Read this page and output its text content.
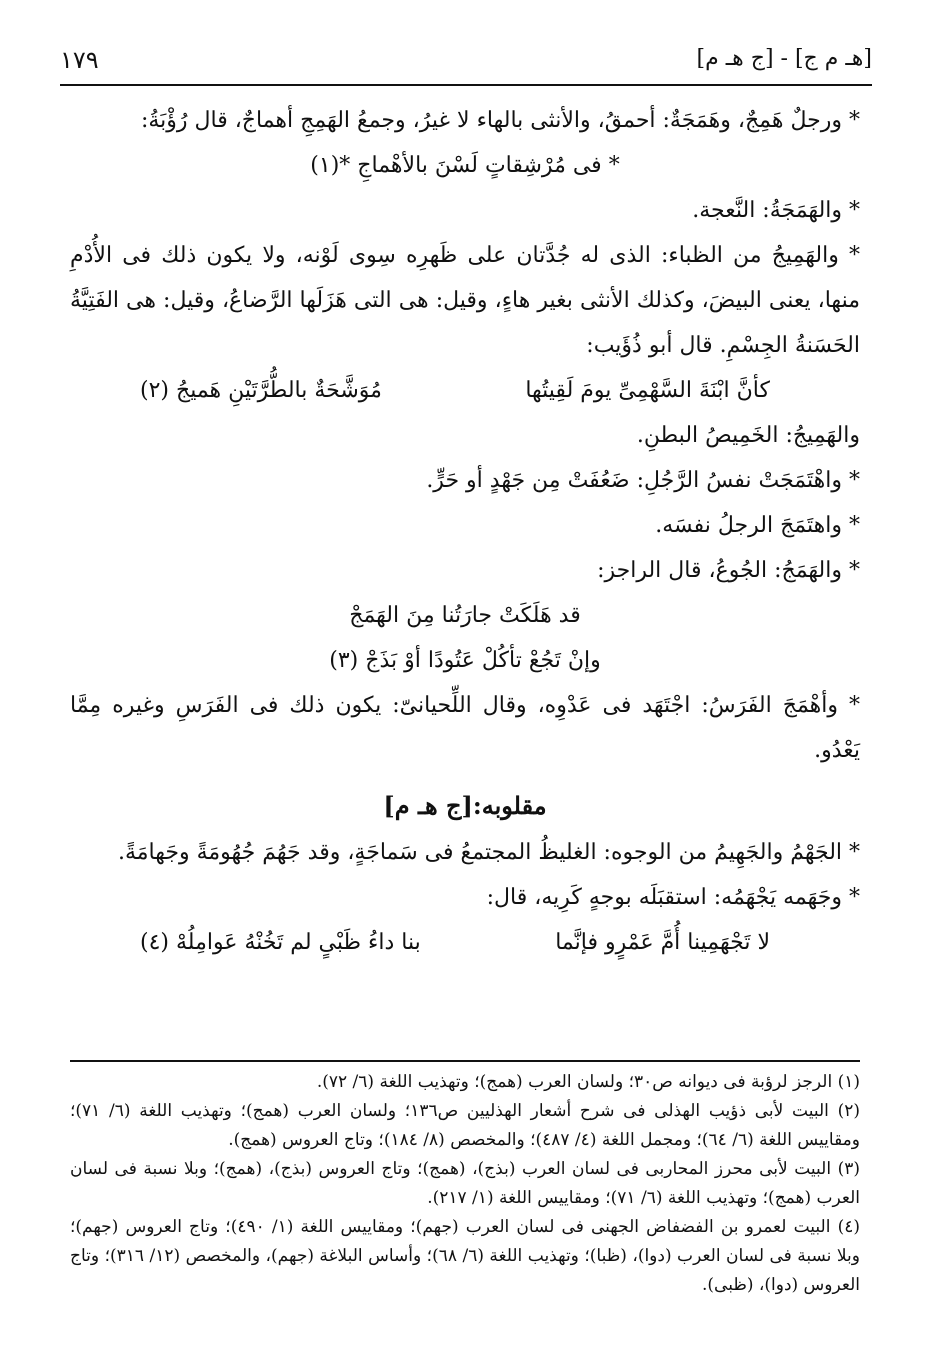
[هـ م ج] - [ج هـ م]
١٧٩

* ورجلٌ هَمِجٌ، وهَمَجَةٌ: أحمقُ، والأنثى بالهاء لا غيرُ، وجمعُ الهَمِجِ أهماجٌ، قال رُؤْبَةُ:

* فى مُرْشِقاتٍ لَسْنَ بالأهْماجِ *(١)

* والهَمَجَةُ: النَّعجة.

* والهَمِيجُ من الظباء: الذى له جُدَّتان على ظَهرِه سِوى لَوْنه، ولا يكون ذلك فى الأُدْمِ منها، يعنى البيضَ، وكذلك الأنثى بغير هاءٍ، وقيل: هى التى هَزَلَها الرَّضاعُ، وقيل: هى الفَتِيَّةُ الحَسَنةُ الجِسْمِ. قال أبو ذُؤَيب:

كأنَّ ابْنَةَ السَّهْمِىِّ يومَ لَقِيتُها
مُوَشَّحَةٌ بالطُّرَّتَيْنِ هَميجُ (٢)

والهَمِيجُ: الخَمِيصُ البطنِ.

* واهْتَمَجَتْ نفسُ الرَّجُلِ: ضَعُفَتْ مِن جَهْدٍ أو حَرٍّ.

* واهتَمَجَ الرجلُ نفسَه.

* والهَمَجُ: الجُوعُ، قال الراجز:

قد هَلَكَتْ جارَتُنا مِنَ الهَمَجْ

وإنْ تَجُعْ تأكُلْ عَتُودًا أوْ بَذَجْ (٣)

* وأهْمَجَ الفَرَسُ: اجْتَهَد فى عَدْوِه، وقال اللِّحيانىّ: يكون ذلك فى الفَرَسِ وغيره مِمَّا يَعْدُو.

مقلوبه:[ج هـ م]

* الجَهْمُ والجَهِيمُ من الوجوه: الغليظُ المجتمعُ فى سَماجَةٍ، وقد جَهُمَ جُهُومَةً وجَهامَةً.

* وجَهَمه يَجْهَمُه: استقبَلَه بوجهٍ كَرِيه، قال:

لا تَجْهَمِينا أُمَّ عَمْرٍو فإنَّما
بنا داءُ ظَبْىٍ لم تَخُنْهُ عَوامِلُهْ (٤)

(١) الرجز لرؤبة فى ديوانه ص٣٠؛ ولسان العرب (همج)؛ وتهذيب اللغة (٦/ ٧٢).

(٢) البيت لأبى ذؤيب الهذلى فى شرح أشعار الهذليين ص١٣٦؛ ولسان العرب (همج)؛ وتهذيب اللغة (٦/ ٧١)؛ ومقاييس اللغة (٦/ ٦٤)؛ ومجمل اللغة (٤/ ٤٨٧)؛ والمخصص (٨/ ١٨٤)؛ وتاج العروس (همج).

(٣) البيت لأبى محرز المحاربى فى لسان العرب (بذج)، (همج)؛ وتاج العروس (بذج)، (همج)؛ وبلا نسبة فى لسان العرب (همج)؛ وتهذيب اللغة (٦/ ٧١)؛ ومقاييس اللغة (١/ ٢١٧).

(٤) البيت لعمرو بن الفضفاض الجهنى فى لسان العرب (جهم)؛ ومقاييس اللغة (١/ ٤٩٠)؛ وتاج العروس (جهم)؛ وبلا نسبة فى لسان العرب (دوا)، (ظبا)؛ وتهذيب اللغة (٦/ ٦٨)؛ وأساس البلاغة (جهم)، والمخصص (١٢/ ٣١٦)؛ وتاج العروس (دوا)، (ظبى).
